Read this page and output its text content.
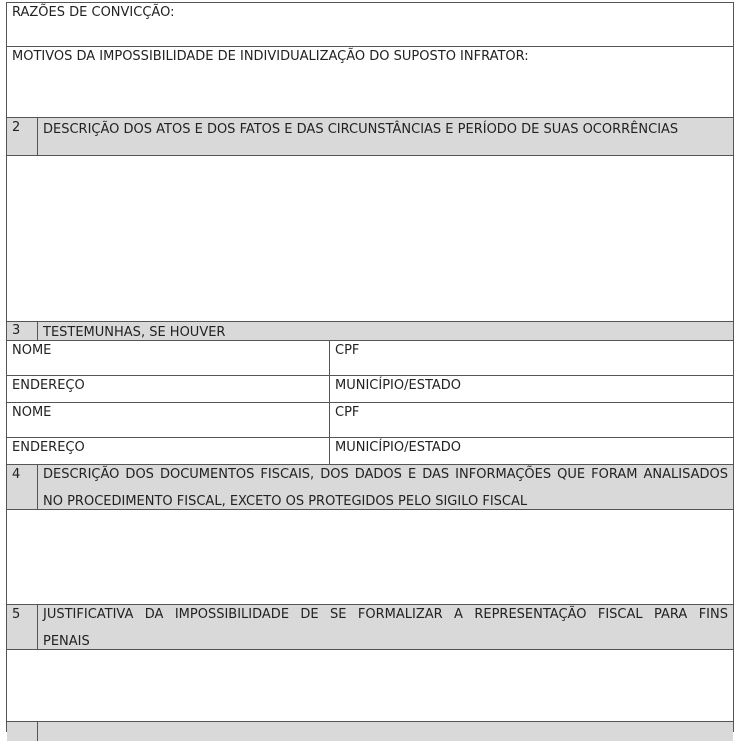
RAZÕES DE CONVICÇÃO:
MOTIVOS DA IMPOSSIBILIDADE DE INDIVIDUALIZAÇÃO DO SUPOSTO INFRATOR:
2 DESCRIÇÃO DOS ATOS E DOS FATOS E DAS CIRCUNSTÂNCIAS E PERÍODO DE SUAS OCORRÊNCIAS
3 TESTEMUNHAS, SE HOUVER
NOME	CPF
ENDEREÇO	MUNICÍPIO/ESTADO
NOME	CPF
ENDEREÇO	MUNICÍPIO/ESTADO
4 DESCRIÇÃO DOS DOCUMENTOS FISCAIS, DOS DADOS E DAS INFORMAÇÕES QUE FORAM ANALISADOS
NO PROCEDIMENTO FISCAL, EXCETO OS PROTEGIDOS PELO SIGILO FISCAL
5 JUSTIFICATIVA DA IMPOSSIBILIDADE DE SE FORMALIZAR A REPRESENTAÇÃO FISCAL PARA FINS
PENAIS
